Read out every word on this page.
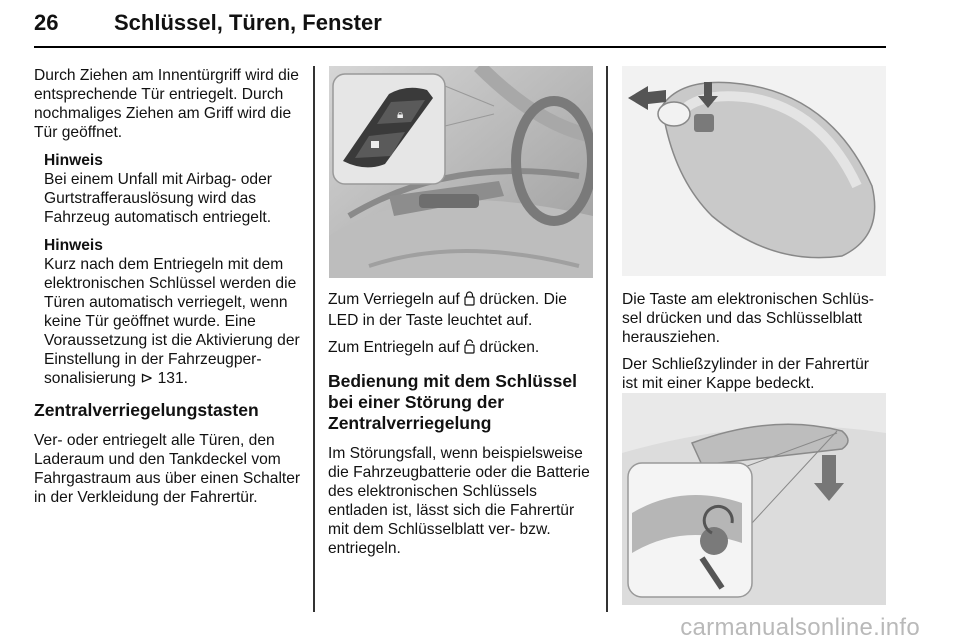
26	Schlüssel, Türen, Fenster

Durch Ziehen am Innentürgriff wird die entsprechende Tür entriegelt. Durch nochmaliges Ziehen am Griff wird die Tür geöffnet.

Hinweis

Bei einem Unfall mit Airbag- oder Gurtstrafferauslösung wird das Fahrzeug automatisch entriegelt.

Hinweis

Kurz nach dem Entriegeln mit dem elektronischen Schlüssel werden die Türen automatisch verriegelt, wenn keine Tür geöffnet wurde. Eine Voraussetzung ist die Aktivierung der Einstellung in der Fahrzeugpersonalisierung ⊳ 131.

Zentralverriegelungstasten

Ver- oder entriegelt alle Türen, den Laderaum und den Tankdeckel vom Fahrgastraum aus über einen Schalter in der Verkleidung der Fahrertür.

🔒︎

Zum Verriegeln auf  drücken. Die LED in der Taste leuchtet auf.

Zum Entriegeln auf  drücken.

Bedienung mit dem Schlüssel bei einer Störung der Zentralverriegelung

Im Störungsfall, wenn beispielsweise die Fahrzeugbatterie oder die Batterie des elektronischen Schlüssels entladen ist, lässt sich die Fahrertür mit dem Schlüsselblatt ver- bzw. entriegeln.

Die Taste am elektronischen Schlüssel drücken und das Schlüsselblatt herausziehen.

Der Schließzylinder in der Fahrertür ist mit einer Kappe bedeckt.

carmanualsonline.info
